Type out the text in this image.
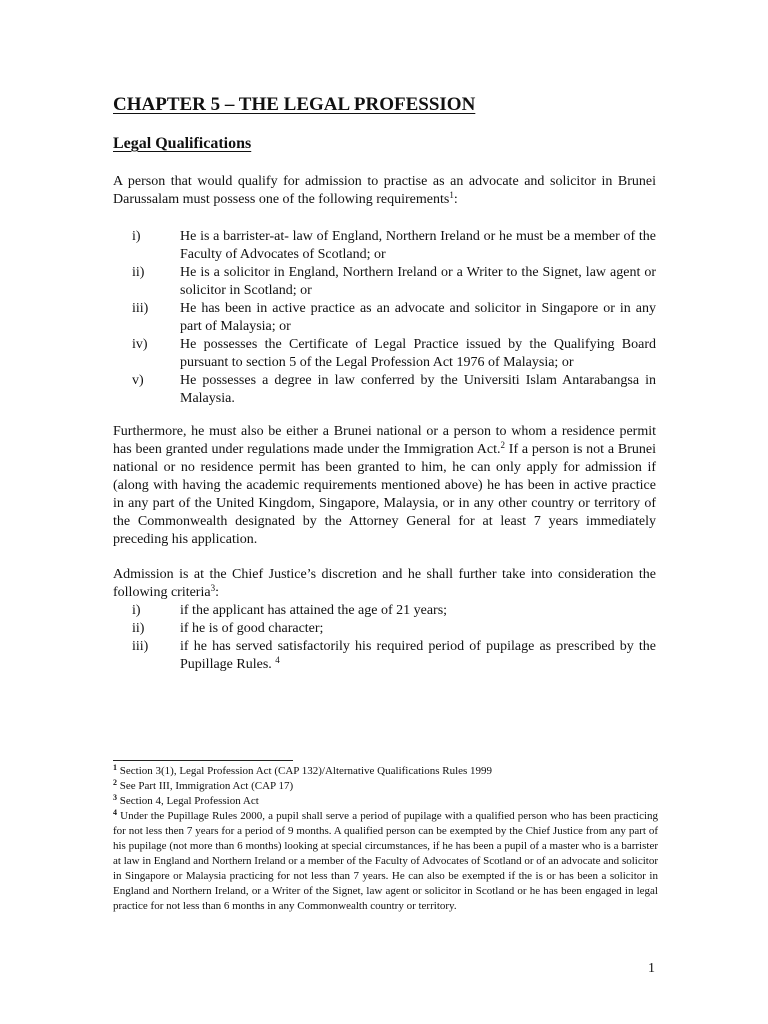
CHAPTER 5 – THE LEGAL PROFESSION
Legal Qualifications

A person that would qualify for admission to practise as an advocate and solicitor in Brunei Darussalam must possess one of the following requirements$^1$:

i)	He is a barrister-at- law of England, Northern Ireland or he must be a member of the Faculty of Advocates of Scotland; or
ii)	He is a solicitor in England, Northern Ireland or a Writer to the Signet, law agent or solicitor in Scotland; or
iii) He has been in active practice as an advocate and solicitor in Singapore or in any part of Malaysia; or
iv) He possesses the Certificate of Legal Practice issued by the Qualifying Board pursuant to section 5 of the Legal Profession Act 1976 of Malaysia; or
v)	He possesses a degree in law conferred by the Universiti Islam Antarabangsa in Malaysia.

Furthermore, he must also be either a Brunei national or a person to whom a residence permit has been granted under regulations made under the Immigration Act.$^2$ If a person is not a Brunei national or no residence permit has been granted to him, he can only apply for admission if (along with having the academic requirements mentioned above) he has been in active practice in any part of the United Kingdom, Singapore, Malaysia, or in any other country or territory of the Commonwealth designated by the Attorney General for at least 7 years immediately preceding his application.

Admission is at the Chief Justice’s discretion and he shall further take into consideration the following criteria$^3$:

i)	if the applicant has attained the age of 21 years;
ii)	if he is of good character;
iii) if he has served satisfactorily his required period of pupilage as prescribed by the Pupillage Rules. $^4$

$^1$ Section 3(1), Legal Profession Act (CAP 132)/Alternative Qualifications Rules 1999

$^2$ See Part III, Immigration Act (CAP 17)

$^3$ Section 4, Legal Profession Act

$^4$ Under the Pupillage Rules 2000, a pupil shall serve a period of pupilage with a qualified person who has been practicing for not less then 7 years for a period of 9 months. A qualified person can be exempted by the Chief Justice from any part of his pupilage (not more than 6 months) looking at special circumstances, if he has been a pupil of a master who is a barrister at law in England and Northern Ireland or a member of the Faculty of Advocates of Scotland or of an advocate and solicitor in Singapore or Malaysia practicing for not less than 7 years. He can also be exempted if the is or has been a solicitor in England and Northern Ireland, or a Writer of the Signet, law agent or solicitor in Scotland or he has been engaged in legal practice for not less than 6 months in any Commonwealth country or territory.

1
